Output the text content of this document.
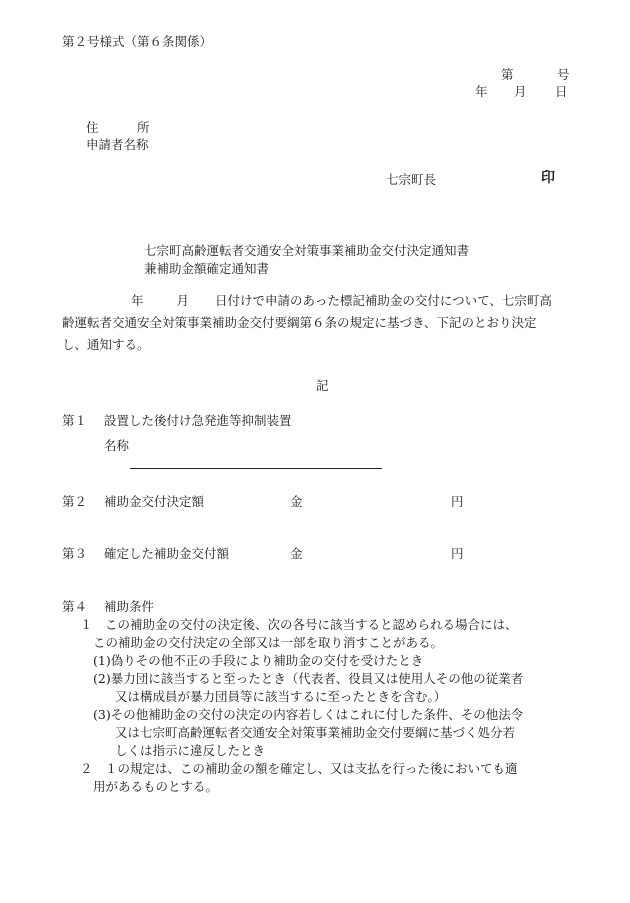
第２号様式（第６条関係）
第	号
年 月 日
住	所
申請者名称
七宗町長	印
七宗町高齢運転者交通安全対策事業補助金交付決定通知書
兼補助金額確定通知書
年	月 日付けで申請のあった標記補助金の交付について、七宗町高
齢運転者交通安全対策事業補助金交付要綱第６条の規定に基づき、下記のとおり決定
し、通知する。
記
第１ 設置した後付け急発進等抑制装置
名称
第２ 補助金交付決定額	金	円
第３ 確定した補助金交付額	金	円
第４ 補助条件
１　この補助金の交付の決定後、次の各号に該当すると認められる場合には、
この補助金の交付決定の全部又は一部を取り消すことがある。
(1)偽りその他不正の手段により補助金の交付を受けたとき
(2)暴力団に該当すると至ったとき（代表者、役員又は使用人その他の従業者
又は構成員が暴力団員等に該当するに至ったときを含む。）
(3)その他補助金の交付の決定の内容若しくはこれに付した条件、その他法令
又は七宗町高齢運転者交通安全対策事業補助金交付要綱に基づく処分若
しくは指示に違反したとき
２　１の規定は、この補助金の額を確定し、又は支払を行った後においても適
用があるものとする。
